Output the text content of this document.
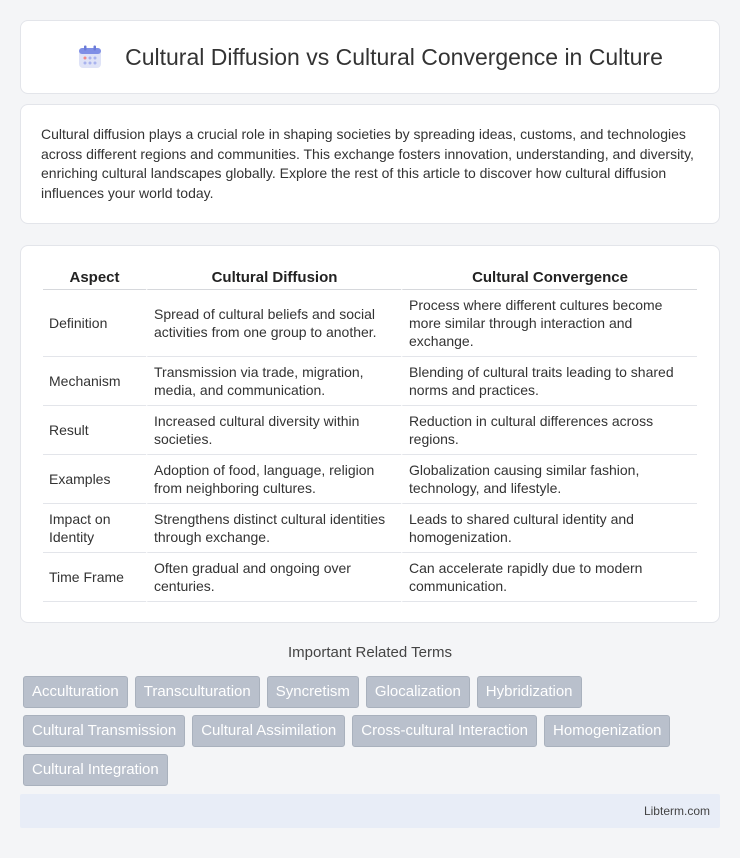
Cultural Diffusion vs Cultural Convergence in Culture

Cultural diffusion plays a crucial role in shaping societies by spreading ideas, customs, and technologies across different regions and communities. This exchange fosters innovation, understanding, and diversity, enriching cultural landscapes globally. Explore the rest of this article to discover how cultural diffusion influences your world today.

Aspect	Cultural Diffusion	Cultural Convergence
Definition	Spread of cultural beliefs and social activities from one group to another.	Process where different cultures become more similar through interaction and exchange.
Mechanism	Transmission via trade, migration, media, and communication.	Blending of cultural traits leading to shared norms and practices.
Result	Increased cultural diversity within societies.	Reduction in cultural differences across regions.
Examples	Adoption of food, language, religion from neighboring cultures.	Globalization causing similar fashion, technology, and lifestyle.
Impact on Identity	Strengthens distinct cultural identities through exchange.	Leads to shared cultural identity and homogenization.
Time Frame	Often gradual and ongoing over centuries.	Can accelerate rapidly due to modern communication.
Important Related Terms
Acculturation	Transculturation	Syncretism	Glocalization	Hybridization
Cultural Transmission	Cultural Assimilation	Cross-cultural Interaction	Homogenization
Cultural Integration
Libterm.com
